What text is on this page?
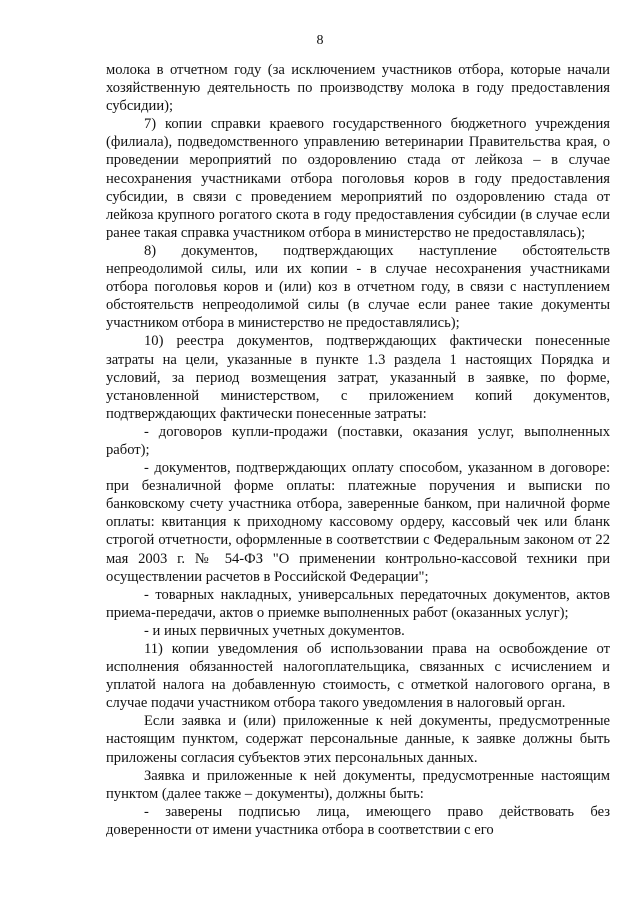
8

молока в отчетном году (за исключением участников отбора, которые начали хозяйственную деятельность по производству молока в году предоставления субсидии);

7) копии справки краевого государственного бюджетного учреждения (филиала), подведомственного управлению ветеринарии Правительства края, о проведении мероприятий по оздоровлению стада от лейкоза – в случае несохранения участниками отбора поголовья коров в году предоставления субсидии, в связи с проведением мероприятий по оздоровлению стада от лейкоза крупного рогатого скота в году предоставления субсидии (в случае если ранее такая справка участником отбора в министерство не предоставлялась);

8) документов, подтверждающих наступление обстоятельств непреодолимой силы, или их копии - в случае несохранения участниками отбора поголовья коров и (или) коз в отчетном году, в связи с наступлением обстоятельств непреодолимой силы (в случае если ранее такие документы участником отбора в министерство не предоставлялись);

10) реестра документов, подтверждающих фактически понесенные затраты на цели, указанные в пункте 1.3 раздела 1 настоящих Порядка и условий, за период возмещения затрат, указанный в заявке, по форме, установленной министерством, с приложением копий документов, подтверждающих фактически понесенные затраты:

- договоров купли-продажи (поставки, оказания услуг, выполненных работ);

- документов, подтверждающих оплату способом, указанном в договоре: при безналичной форме оплаты: платежные поручения и выписки по банковскому счету участника отбора, заверенные банком, при наличной форме оплаты: квитанция к приходному кассовому ордеру, кассовый чек или бланк строгой отчетности, оформленные в соответствии с Федеральным законом от 22 мая 2003 г. № 54-ФЗ "О применении контрольно-кассовой техники при осуществлении расчетов в Российской Федерации";

- товарных накладных, универсальных передаточных документов, актов приема-передачи, актов о приемке выполненных работ (оказанных услуг);

- и иных первичных учетных документов.

11) копии уведомления об использовании права на освобождение от исполнения обязанностей налогоплательщика, связанных с исчислением и уплатой налога на добавленную стоимость, с отметкой налогового органа, в случае подачи участником отбора такого уведомления в налоговый орган.

Если заявка и (или) приложенные к ней документы, предусмотренные настоящим пунктом, содержат персональные данные, к заявке должны быть приложены согласия субъектов этих персональных данных.

Заявка и приложенные к ней документы, предусмотренные настоящим пунктом (далее также – документы), должны быть:

- заверены подписью лица, имеющего право действовать без доверенности от имени участника отбора в соответствии с его
